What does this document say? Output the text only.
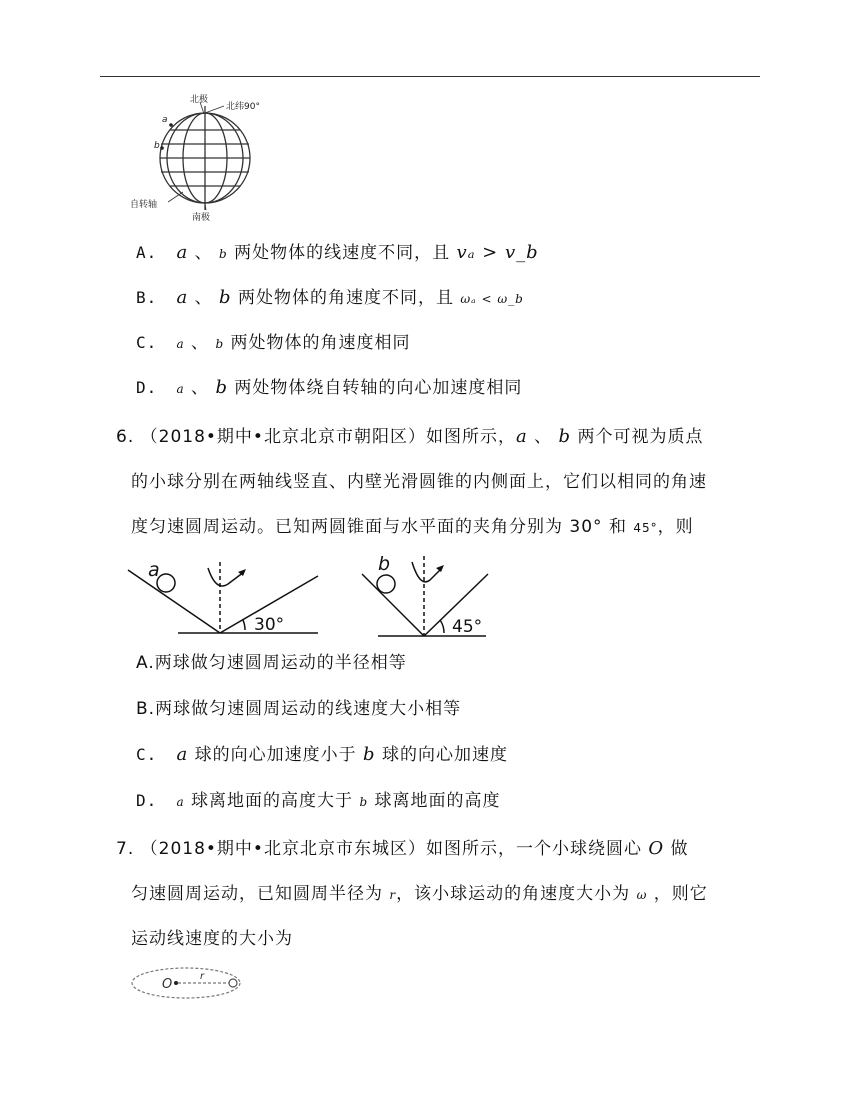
北极
北纬90°
a
b
自转轴
南极
A. a 、 b 两处物体的线速度不同，且 vₐ > v_b
B. a 、 b 两处物体的角速度不同，且 ωₐ < ω_b
C. a 、 b 两处物体的角速度相同
D. a 、 b 两处物体绕自转轴的向心加速度相同
6. （2018•期中•北京北京市朝阳区）如图所示，a 、 b 两个可视为质点
的小球分别在两轴线竖直、内壁光滑圆锥的内侧面上，它们以相同的角速
度匀速圆周运动。已知两圆锥面与水平面的夹角分别为 30° 和 45°，则
a
30°
b
45°
A.两球做匀速圆周运动的半径相等
B.两球做匀速圆周运动的线速度大小相等
C. a 球的向心加速度小于 b 球的向心加速度
D. a 球离地面的高度大于 b 球离地面的高度
7. （2018•期中•北京北京市东城区）如图所示，一个小球绕圆心 O 做
匀速圆周运动，已知圆周半径为 r，该小球运动的角速度大小为 ω ，则它
运动线速度的大小为
O
r
